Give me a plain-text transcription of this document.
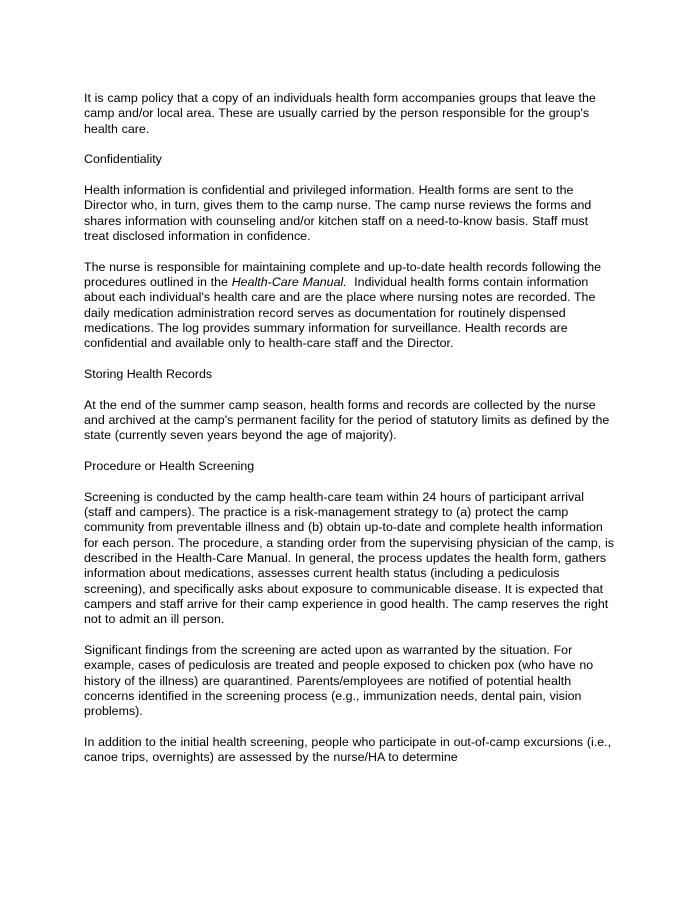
It is camp policy that a copy of an individuals health form accompanies groups that leave the camp and/or local area. These are usually carried by the person responsible for the group's health care.

Confidentiality

Health information is confidential and privileged information. Health forms are sent to the Director who, in turn, gives them to the camp nurse. The camp nurse reviews the forms and shares information with counseling and/or kitchen staff on a need-to-know basis. Staff must treat disclosed information in confidence.

The nurse is responsible for maintaining complete and up-to-date health records following the procedures outlined in the Health-Care Manual.  Individual health forms contain information about each individual's health care and are the place where nursing notes are recorded. The daily medication administration record serves as documentation for routinely dispensed medications. The log provides summary information for surveillance. Health records are confidential and available only to health-care staff and the Director.

Storing Health Records

At the end of the summer camp season, health forms and records are collected by the nurse and archived at the camp's permanent facility for the period of statutory limits as defined by the state (currently seven years beyond the age of majority).

Procedure or Health Screening

Screening is conducted by the camp health-care team within 24 hours of participant arrival (staff and campers). The practice is a risk-management strategy to (a) protect the camp community from preventable illness and (b) obtain up-to-date and complete health information for each person. The procedure, a standing order from the supervising physician of the camp, is described in the Health-Care Manual. In general, the process updates the health form, gathers information about medications, assesses current health status (including a pediculosis screening), and specifically asks about exposure to communicable disease. It is expected that campers and staff arrive for their camp experience in good health. The camp reserves the right not to admit an ill person.

Significant findings from the screening are acted upon as warranted by the situation. For example, cases of pediculosis are treated and people exposed to chicken pox (who have no history of the illness) are quarantined. Parents/employees are notified of potential health concerns identified in the screening process (e.g., immunization needs, dental pain, vision problems).

In addition to the initial health screening, people who participate in out-of-camp excursions (i.e., canoe trips, overnights) are assessed by the nurse/HA to determine
